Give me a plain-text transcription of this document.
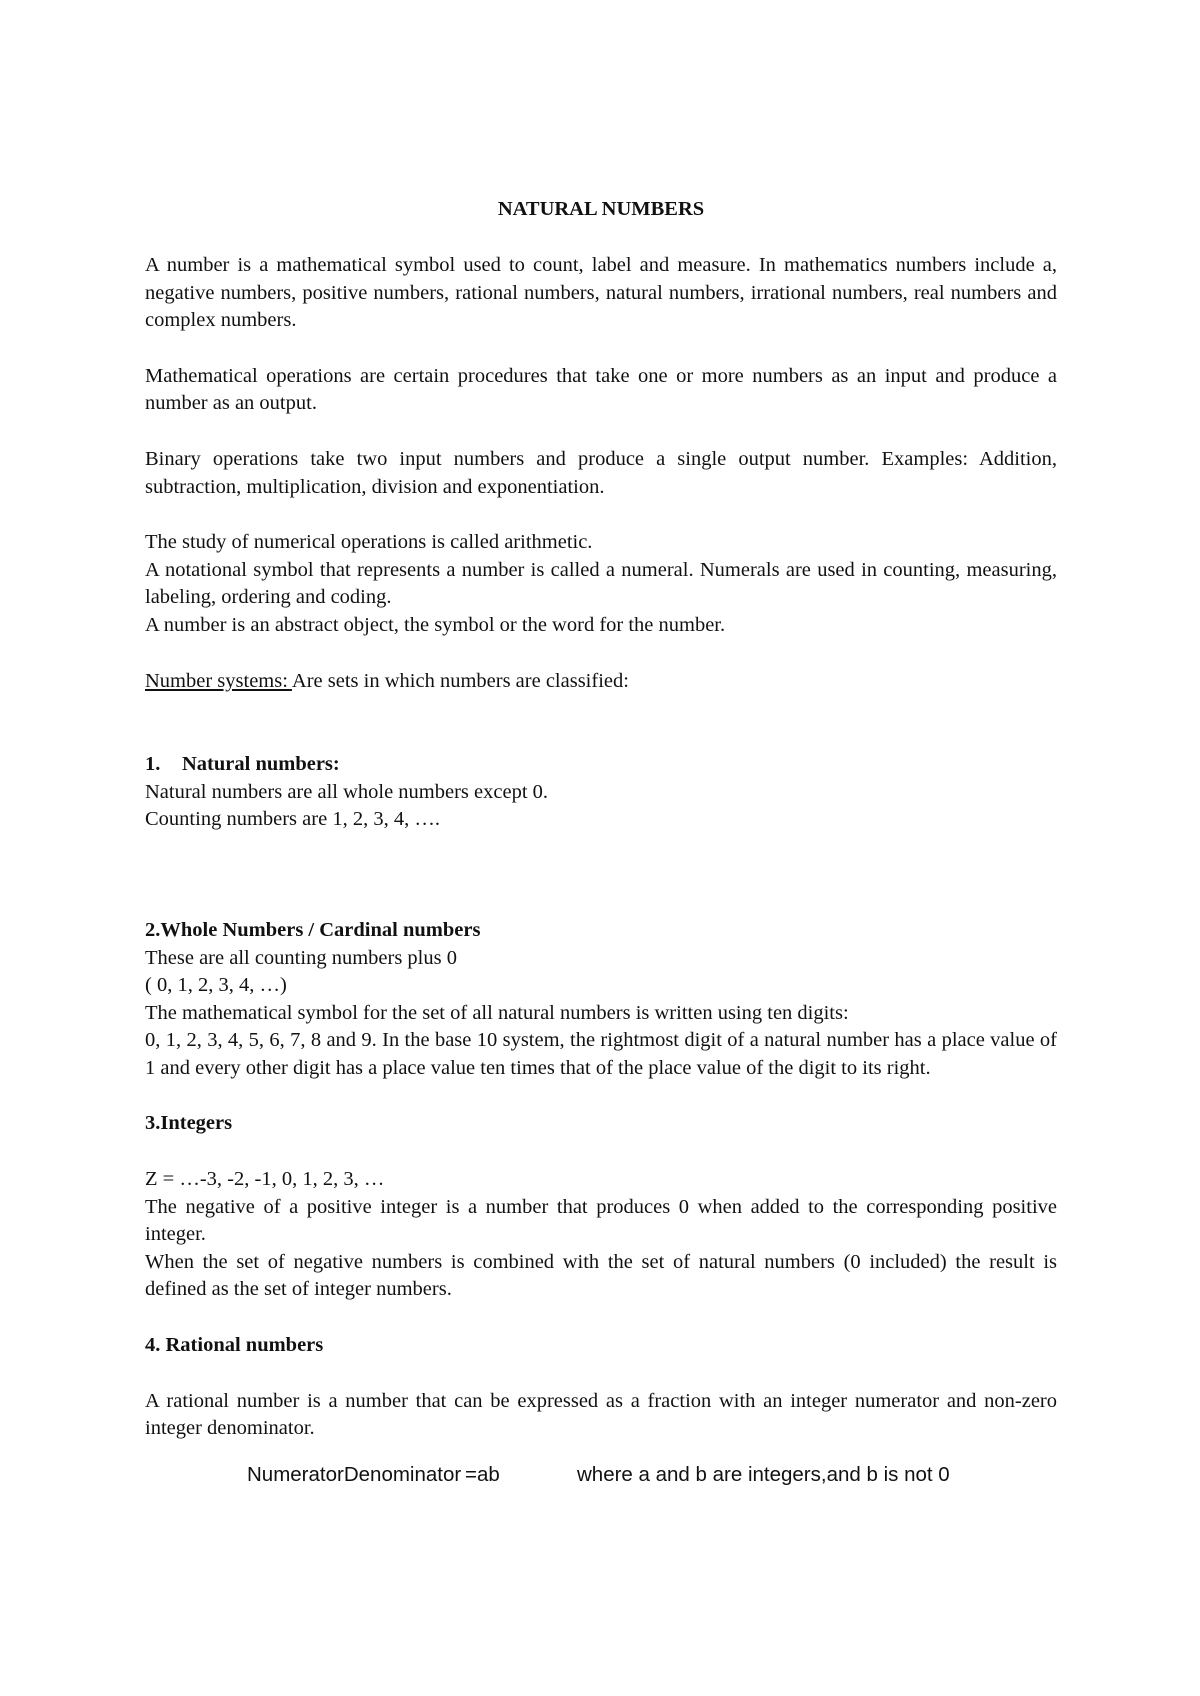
NATURAL NUMBERS

A number is a mathematical symbol used to count, label and measure. In mathematics numbers include a, negative numbers, positive numbers, rational numbers, natural numbers, irrational numbers, real numbers and complex numbers.

Mathematical operations are certain procedures that take one or more numbers as an input and produce a number as an output.

Binary operations take two input numbers and produce a single output number. Examples: Addition, subtraction, multiplication, division and exponentiation.

The study of numerical operations is called arithmetic.

A notational symbol that represents a number is called a numeral. Numerals are used in counting, measuring, labeling, ordering and coding.

A number is an abstract object, the symbol or the word for the number.

Number systems: Are sets in which numbers are classified:

1. Natural numbers:

Natural numbers are all whole numbers except 0.

Counting numbers are 1, 2, 3, 4, ….

2.Whole Numbers / Cardinal numbers

These are all counting numbers plus 0

( 0, 1, 2, 3, 4, …)

The mathematical symbol for the set of all natural numbers is written using ten digits:

0, 1, 2, 3, 4, 5, 6, 7, 8 and 9. In the base 10 system, the rightmost digit of a natural number has a place value of 1 and every other digit has a place value ten times that of the place value of the digit to its right.

3.Integers

Z = …-3, -2, -1, 0, 1, 2, 3, …

The negative of a positive integer is a number that produces 0 when added to the corresponding positive integer.

When the set of negative numbers is combined with the set of natural numbers (0 included) the result is defined as the set of integer numbers.

4. Rational numbers

A rational number is a number that can be expressed as a fraction with an integer numerator and non-zero integer denominator.

NumeratorDenominator =ab	where a and b are integers,and b is not 0
